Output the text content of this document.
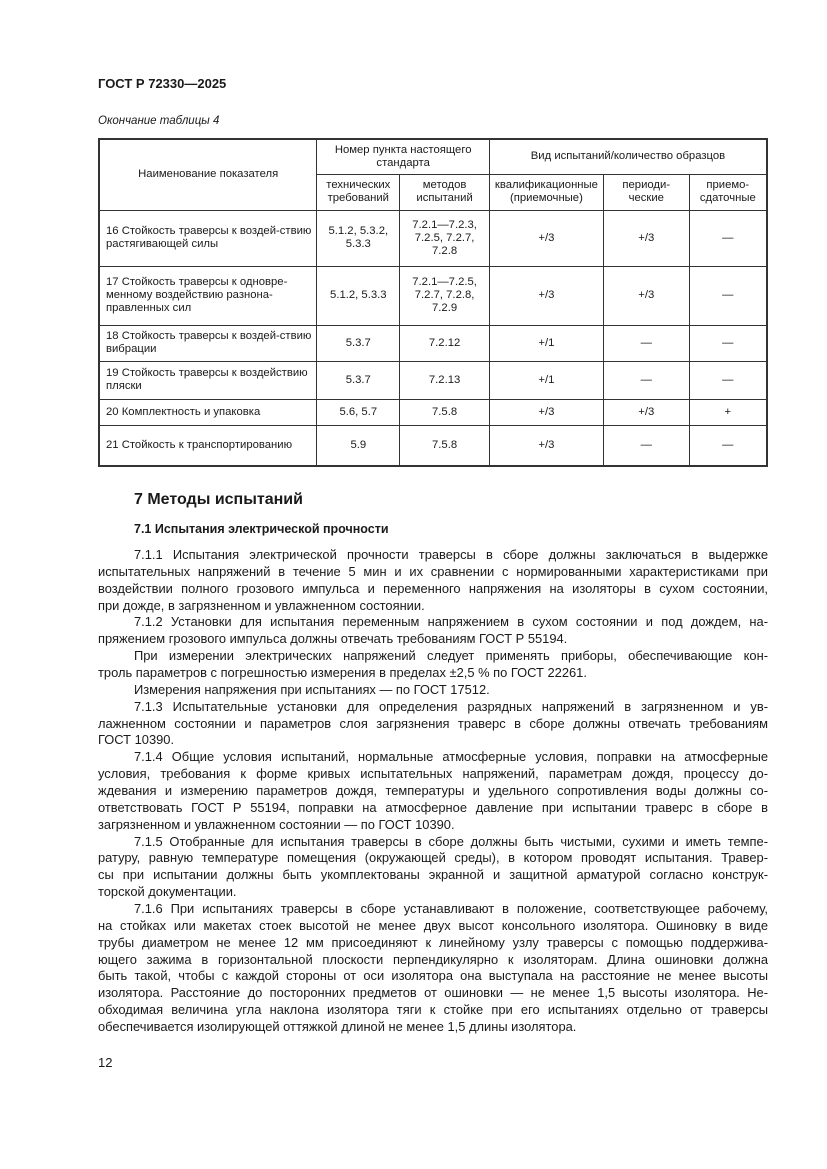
ГОСТ Р 72330—2025
Окончание таблицы 4
Наименование показателя	Номер пункта настоящего стандарта		Вид испытаний/количество образцов		
	технических требований	методов испытаний	квалификационные (приемочные)	периоди-ческие	приемо-сдаточные
16 Стойкость траверсы к воздей-ствию растягивающей силы	5.1.2, 5.3.2, 5.3.3	7.2.1—7.2.3, 7.2.5, 7.2.7, 7.2.8	+/3	+/3	—
17 Стойкость траверсы к одновре-менному воздействию разнона-правленных сил	5.1.2, 5.3.3	7.2.1—7.2.5, 7.2.7, 7.2.8, 7.2.9	+/3	+/3	—
18 Стойкость траверсы к воздей-ствию вибрации	5.3.7	7.2.12	+/1	—	—
19 Стойкость траверсы к воздействию пляски	5.3.7	7.2.13	+/1	—	—
20 Комплектность и упаковка	5.6, 5.7	7.5.8	+/3	+/3	+
21 Стойкость к транспортированию	5.9	7.5.8	+/3	—	—
7 Методы испытаний
7.1 Испытания электрической прочности
7.1.1 Испытания электрической прочности траверсы в сборе должны заключаться в выдержке
испытательных напряжений в течение 5 мин и их сравнении с нормированными характеристиками при
воздействии полного грозового импульса и переменного напряжения на изоляторы в сухом состоянии,
при дожде, в загрязненном и увлажненном состоянии.
7.1.2 Установки для испытания переменным напряжением в сухом состоянии и под дождем, на-
пряжением грозового импульса должны отвечать требованиям ГОСТ Р 55194.
При измерении электрических напряжений следует применять приборы, обеспечивающие кон-
троль параметров с погрешностью измерения в пределах ±2,5 % по ГОСТ 22261.
Измерения напряжения при испытаниях — по ГОСТ 17512.
7.1.3 Испытательные установки для определения разрядных напряжений в загрязненном и ув-
лажненном состоянии и параметров слоя загрязнения траверс в сборе должны отвечать требованиям
ГОСТ 10390.
7.1.4 Общие условия испытаний, нормальные атмосферные условия, поправки на атмосферные
условия, требования к форме кривых испытательных напряжений, параметрам дождя, процессу до-
ждевания и измерению параметров дождя, температуры и удельного сопротивления воды должны со-
ответствовать ГОСТ Р 55194, поправки на атмосферное давление при испытании траверс в сборе в
загрязненном и увлажненном состоянии — по ГОСТ 10390.
7.1.5 Отобранные для испытания траверсы в сборе должны быть чистыми, сухими и иметь темпе-
ратуру, равную температуре помещения (окружающей среды), в котором проводят испытания. Травер-
сы при испытании должны быть укомплектованы экранной и защитной арматурой согласно конструк-
торской документации.
7.1.6 При испытаниях траверсы в сборе устанавливают в положение, соответствующее рабочему,
на стойках или макетах стоек высотой не менее двух высот консольного изолятора. Ошиновку в виде
трубы диаметром не менее 12 мм присоединяют к линейному узлу траверсы с помощью поддержива-
ющего зажима в горизонтальной плоскости перпендикулярно к изоляторам. Длина ошиновки должна
быть такой, чтобы с каждой стороны от оси изолятора она выступала на расстояние не менее высоты
изолятора. Расстояние до посторонних предметов от ошиновки — не менее 1,5 высоты изолятора. Не-
обходимая величина угла наклона изолятора тяги к стойке при его испытаниях отдельно от траверсы
обеспечивается изолирующей оттяжкой длиной не менее 1,5 длины изолятора.
12
